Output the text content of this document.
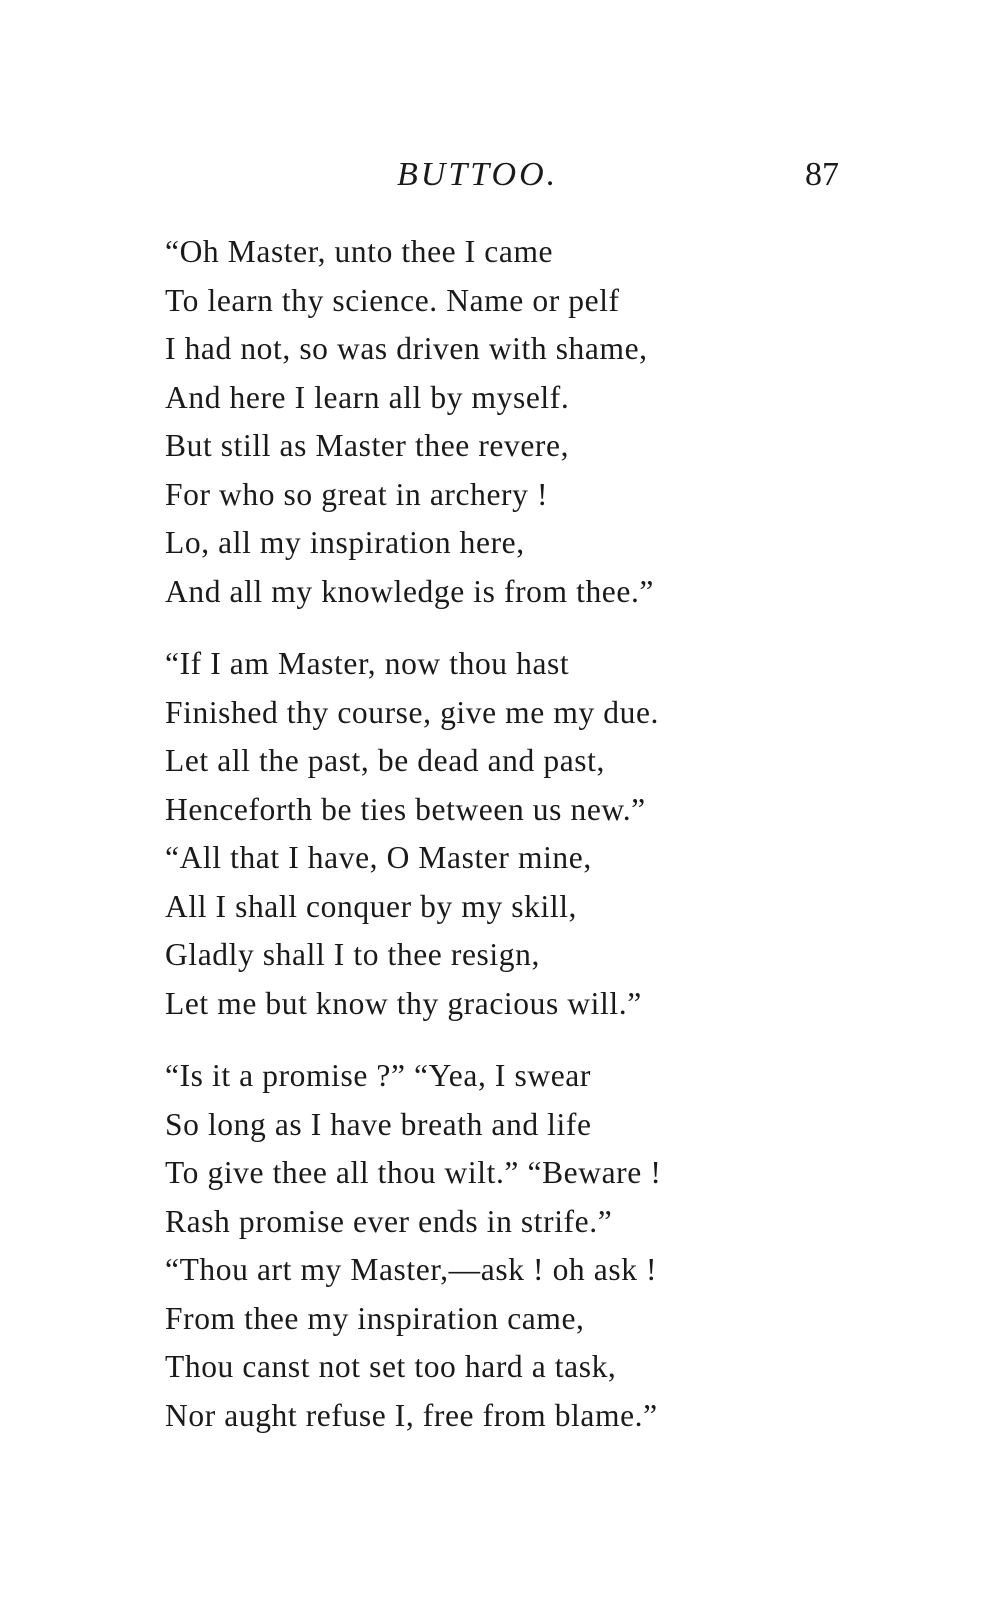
BUTTOO.	87
“Oh Master, unto thee I came
To learn thy science. Name or pelf
I had not, so was driven with shame,
And here I learn all by myself.
But still as Master thee revere,
For who so great in archery !
Lo, all my inspiration here,
And all my knowledge is from thee.”
“If I am Master, now thou hast
Finished thy course, give me my due.
Let all the past, be dead and past,
Henceforth be ties between us new.”
“All that I have, O Master mine,
All I shall conquer by my skill,
Gladly shall I to thee resign,
Let me but know thy gracious will.”
“Is it a promise ?” “Yea, I swear
So long as I have breath and life
To give thee all thou wilt.” “Beware !
Rash promise ever ends in strife.”
“Thou art my Master,—ask ! oh ask !
From thee my inspiration came,
Thou canst not set too hard a task,
Nor aught refuse I, free from blame.”
